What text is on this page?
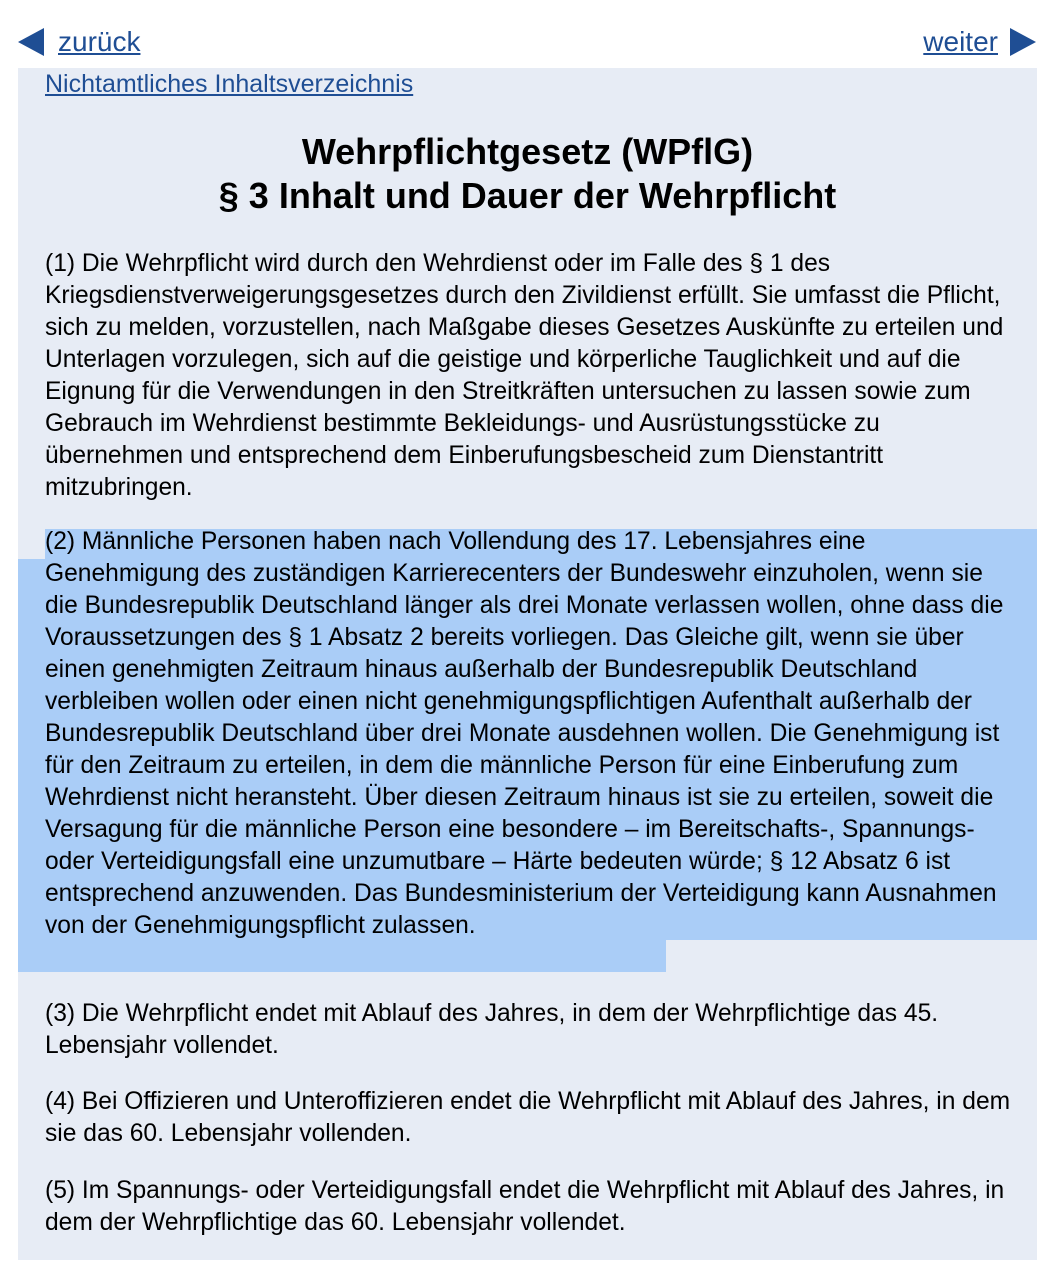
zurück	weiter
Nichtamtliches Inhaltsverzeichnis
Wehrpflichtgesetz (WPflG)
§ 3 Inhalt und Dauer der Wehrpflicht

(1) Die Wehrpflicht wird durch den Wehrdienst oder im Falle des § 1 des Kriegsdienstverweigerungsgesetzes durch den Zivildienst erfüllt. Sie umfasst die Pflicht, sich zu melden, vorzustellen, nach Maßgabe dieses Gesetzes Auskünfte zu erteilen und Unterlagen vorzulegen, sich auf die geistige und körperliche Tauglichkeit und auf die Eignung für die Verwendungen in den Streitkräften untersuchen zu lassen sowie zum Gebrauch im Wehrdienst bestimmte Bekleidungs- und Ausrüstungsstücke zu übernehmen und entsprechend dem Einberufungsbescheid zum Dienstantritt mitzubringen.

(2) Männliche Personen haben nach Vollendung des 17. Lebensjahres eine Genehmigung des zuständigen Karrierecenters der Bundeswehr einzuholen, wenn sie die Bundesrepublik Deutschland länger als drei Monate verlassen wollen, ohne dass die Voraussetzungen des § 1 Absatz 2 bereits vorliegen. Das Gleiche gilt, wenn sie über einen genehmigten Zeitraum hinaus außerhalb der Bundesrepublik Deutschland verbleiben wollen oder einen nicht genehmigungspflichtigen Aufenthalt außerhalb der Bundesrepublik Deutschland über drei Monate ausdehnen wollen. Die Genehmigung ist für den Zeitraum zu erteilen, in dem die männliche Person für eine Einberufung zum Wehrdienst nicht heransteht. Über diesen Zeitraum hinaus ist sie zu erteilen, soweit die Versagung für die männliche Person eine besondere – im Bereitschafts-, Spannungs- oder Verteidigungsfall eine unzumutbare – Härte bedeuten würde; § 12 Absatz 6 ist entsprechend anzuwenden. Das Bundesministerium der Verteidigung kann Ausnahmen von der Genehmigungspflicht zulassen.

(3) Die Wehrpflicht endet mit Ablauf des Jahres, in dem der Wehrpflichtige das 45. Lebensjahr vollendet.

(4) Bei Offizieren und Unteroffizieren endet die Wehrpflicht mit Ablauf des Jahres, in dem sie das 60. Lebensjahr vollenden.

(5) Im Spannungs- oder Verteidigungsfall endet die Wehrpflicht mit Ablauf des Jahres, in dem der Wehrpflichtige das 60. Lebensjahr vollendet.
